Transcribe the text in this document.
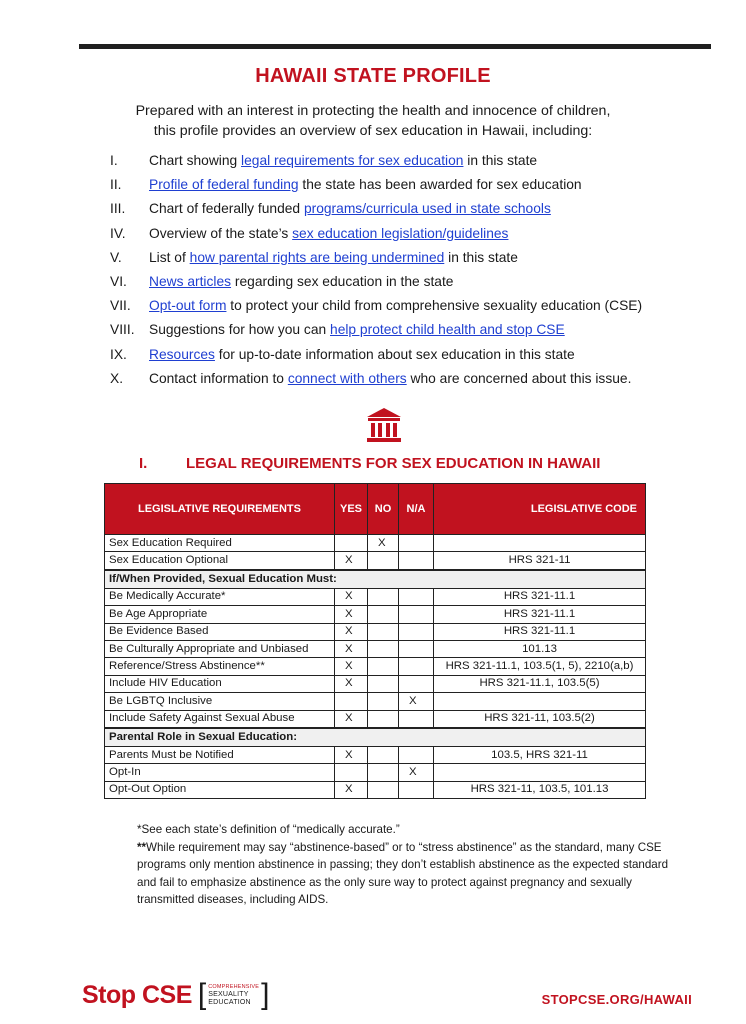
HAWAII STATE PROFILE
Prepared with an interest in protecting the health and innocence of children,
this profile provides an overview of sex education in Hawaii, including:
I.	Chart showing legal requirements for sex education in this state
II.	Profile of federal funding the state has been awarded for sex education
III.	Chart of federally funded programs/curricula used in state schools
IV.	Overview of the state’s sex education legislation/guidelines
V.	List of how parental rights are being undermined in this state
VI.	News articles regarding sex education in the state
VII.	Opt-out form to protect your child from comprehensive sexuality education (CSE)
VIII.	Suggestions for how you can help protect child health and stop CSE
IX.	Resources for up-to-date information about sex education in this state
X.	Contact information to connect with others who are concerned about this issue.
I.	LEGAL REQUIREMENTS FOR SEX EDUCATION IN HAWAII
LEGISLATIVE REQUIREMENTS	YES	NO	N/A	LEGISLATIVE CODE
Sex Education Required		X		
Sex Education Optional	X			HRS 321-11
If/When Provided, Sexual Education Must:				
Be Medically Accurate*	X			HRS 321-11.1
Be Age Appropriate	X			HRS 321-11.1
Be Evidence Based	X			HRS 321-11.1
Be Culturally Appropriate and Unbiased	X			101.13
Reference/Stress Abstinence**	X			HRS 321-11.1, 103.5(1, 5), 2210(a,b)
Include HIV Education	X			HRS 321-11.1, 103.5(5)
Be LGBTQ Inclusive			X	
Include Safety Against Sexual Abuse	X			HRS 321-11, 103.5(2)
Parental Role in Sexual Education:				
Parents Must be Notified	X			103.5, HRS 321-11
Opt-In			X	
Opt-Out Option	X			HRS 321-11, 103.5, 101.13

*See each state’s definition of “medically accurate.”

**While requirement may say “abstinence-based” or to “stress abstinence” as the standard, many CSE programs only mention abstinence in passing; they don’t establish abstinence as the expected standard and fail to emphasize abstinence as the only sure way to protect against pregnancy and sexually transmitted diseases, including AIDS.

Stop CSE [ COMPREHENSIVE
SEXUALITY
EDUCATION ]	STOPCSE.ORG/HAWAII
